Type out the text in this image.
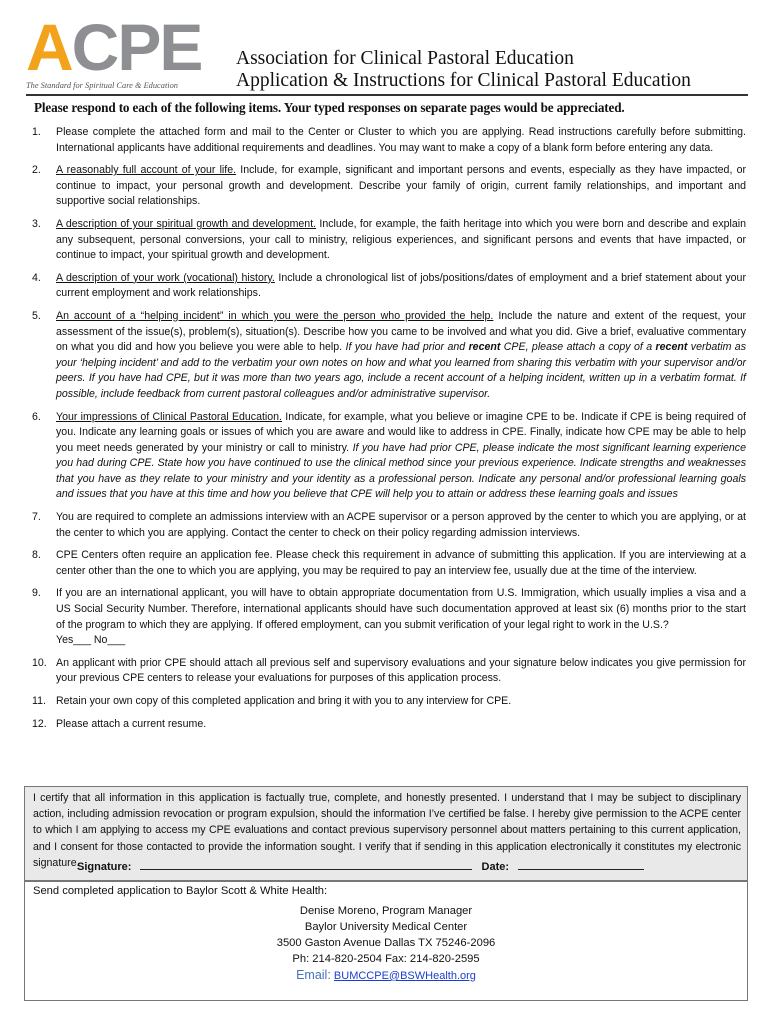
ACPE
The Standard for Spiritual Care & Education
Association for Clinical Pastoral Education
Application & Instructions for Clinical Pastoral Education
Please respond to each of the following items. Your typed responses on separate pages would be appreciated.
1. Please complete the attached form and mail to the Center or Cluster to which you are applying. Read instructions carefully before submitting. International applicants have additional requirements and deadlines. You may want to make a copy of a blank form before entering any data.
2. A reasonably full account of your life. Include, for example, significant and important persons and events, especially as they have impacted, or continue to impact, your personal growth and development. Describe your family of origin, current family relationships, and important and supportive social relationships.
3. A description of your spiritual growth and development. Include, for example, the faith heritage into which you were born and describe and explain any subsequent, personal conversions, your call to ministry, religious experiences, and significant persons and events that have impacted, or continue to impact, your spiritual growth and development.
4. A description of your work (vocational) history. Include a chronological list of jobs/positions/dates of employment and a brief statement about your current employment and work relationships.
5. An account of a “helping incident” in which you were the person who provided the help. Include the nature and extent of the request, your assessment of the issue(s), problem(s), situation(s). Describe how you came to be involved and what you did. Give a brief, evaluative commentary on what you did and how you believe you were able to help. If you have had prior and recent CPE, please attach a copy of a recent verbatim as your ‘helping incident’ and add to the verbatim your own notes on how and what you learned from sharing this verbatim with your supervisor and/or peers. If you have had CPE, but it was more than two years ago, include a recent account of a helping incident, written up in a verbatim format. If possible, include feedback from current pastoral colleagues and/or administrative supervisor.
6. Your impressions of Clinical Pastoral Education. Indicate, for example, what you believe or imagine CPE to be. Indicate if CPE is being required of you. Indicate any learning goals or issues of which you are aware and would like to address in CPE. Finally, indicate how CPE may be able to help you meet needs generated by your ministry or call to ministry. If you have had prior CPE, please indicate the most significant learning experience you had during CPE. State how you have continued to use the clinical method since your previous experience. Indicate strengths and weaknesses that you have as they relate to your ministry and your identity as a professional person. Indicate any personal and/or professional learning goals and issues that you have at this time and how you believe that CPE will help you to attain or address these learning goals and issues
7. You are required to complete an admissions interview with an ACPE supervisor or a person approved by the center to which you are applying, or at the center to which you are applying. Contact the center to check on their policy regarding admission interviews.
8. CPE Centers often require an application fee. Please check this requirement in advance of submitting this application. If you are interviewing at a center other than the one to which you are applying, you may be required to pay an interview fee, usually due at the time of the interview.
9. If you are an international applicant, you will have to obtain appropriate documentation from U.S. Immigration, which usually implies a visa and a US Social Security Number. Therefore, international applicants should have such documentation approved at least six (6) months prior to the start of the program to which they are applying. If offered employment, can you submit verification of your legal right to work in the U.S.?
Yes___ No___
10. An applicant with prior CPE should attach all previous self and supervisory evaluations and your signature below indicates you give permission for your previous CPE centers to release your evaluations for purposes of this application process.
11. Retain your own copy of this completed application and bring it with you to any interview for CPE.
12. Please attach a current resume.
I certify that all information in this application is factually true, complete, and honestly presented. I understand that I may be subject to disciplinary action, including admission revocation or program expulsion, should the information I’ve certified be false. I hereby give permission to the ACPE center to which I am applying to access my CPE evaluations and contact previous supervisory personnel about matters pertaining to this current application, and I consent for those contacted to provide the information sought. I verify that if sending in this application electronically it constitutes my electronic signature.
Signature:	Date:
Send completed application to Baylor Scott & White Health:
Denise Moreno, Program Manager
Baylor University Medical Center
3500 Gaston Avenue Dallas TX 75246-2096
Ph: 214-820-2504 Fax: 214-820-2595
Email: BUMCCPE@BSWHealth.org
